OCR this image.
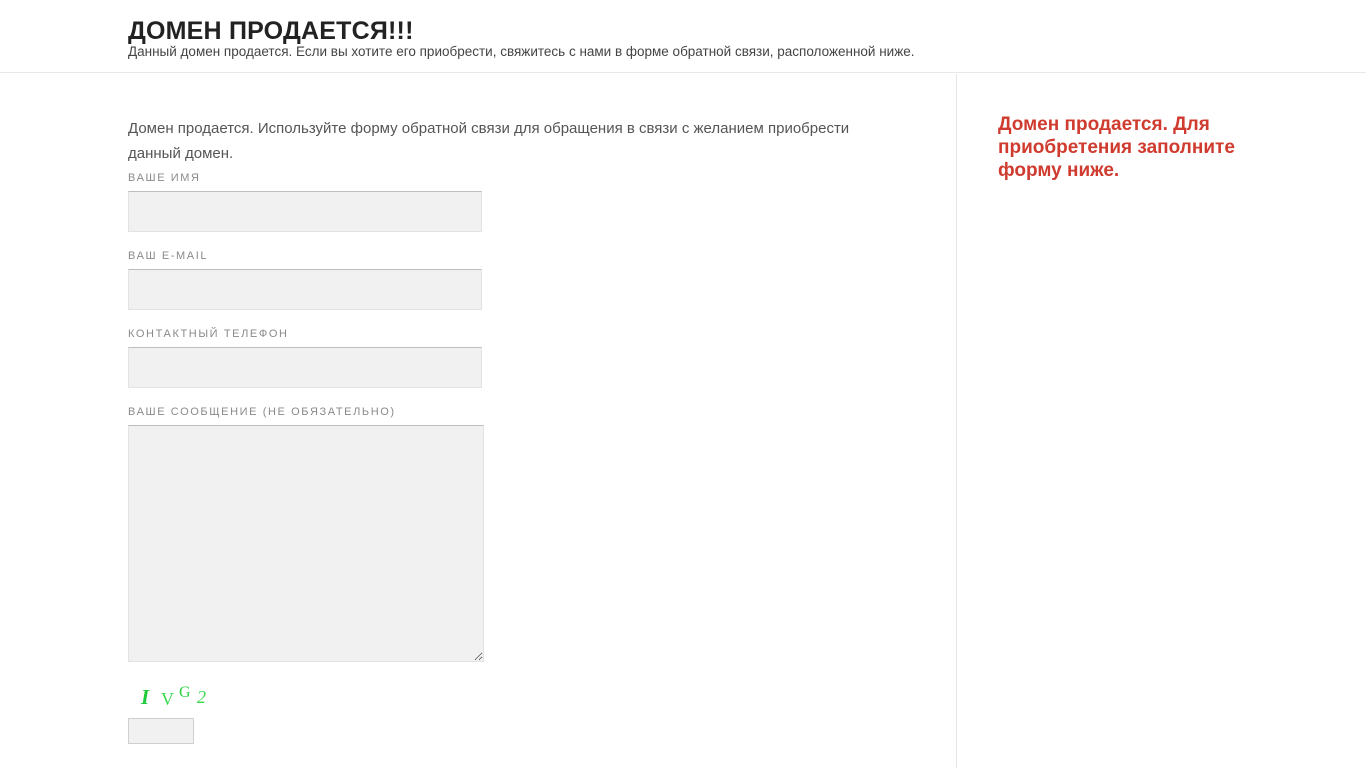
ДОМЕН ПРОДАЕТСЯ!!!
Данный домен продается. Если вы хотите его приобрести, свяжитесь с нами в форме обратной связи, расположенной ниже.
Домен продается. Используйте форму обратной связи для обращения в связи с желанием приобрести данный домен.
ВАШЕ ИМЯ
ВАШ E-MAIL
КОНТАКТНЫЙ ТЕЛЕФОН
ВАШЕ СООБЩЕНИЕ (НЕ ОБЯЗАТЕЛЬНО)
I V G 2
Домен продается. Для приобретения заполните форму ниже.
